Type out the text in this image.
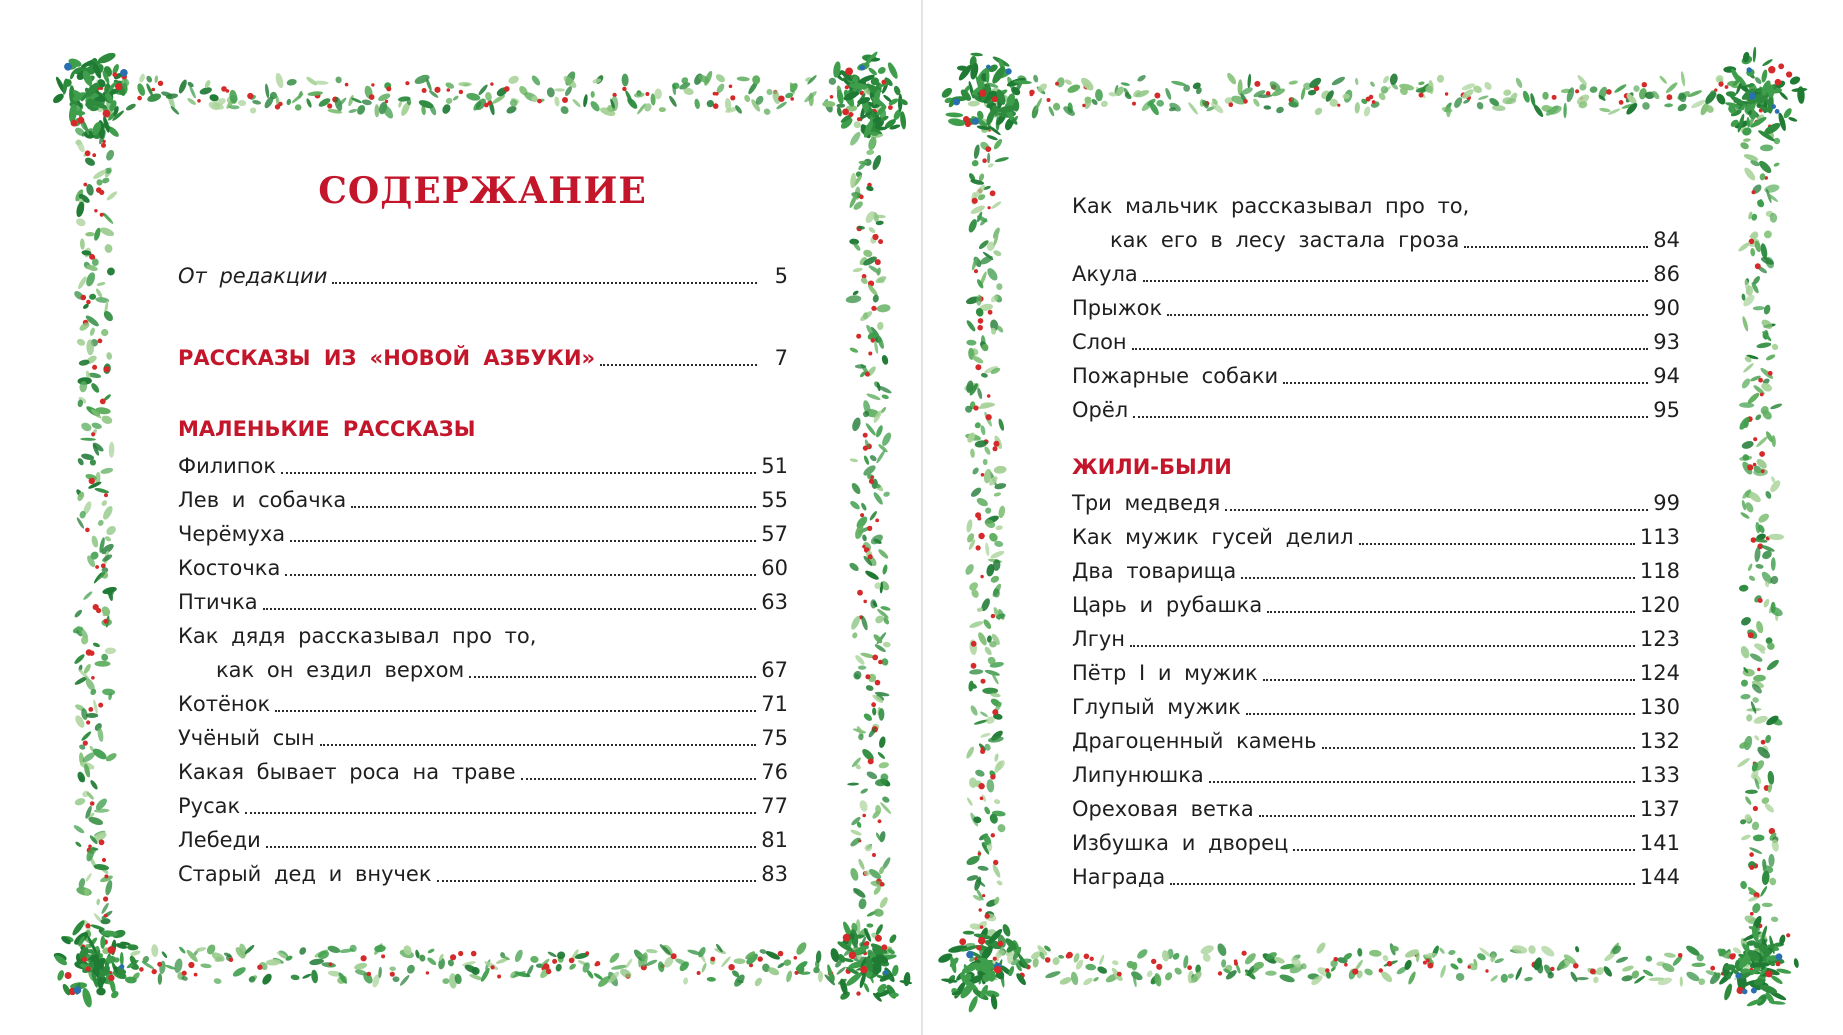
СОДЕРЖАНИЕ
От редакции	5
РАССКАЗЫ ИЗ «НОВОЙ АЗБУКИ»	7
МАЛЕНЬКИЕ РАССКАЗЫ
Филипок	51
Лев и собачка	55
Черёмуха	57
Косточка	60
Птичка	63
Как дядя рассказывал про то,
как он ездил верхом	67
Котёнок	71
Учёный сын	75
Какая бывает роса на траве	76
Русак	77
Лебеди	81
Старый дед и внучек	83
Как мальчик рассказывал про то,
как его в лесу застала гроза	84
Акула	86
Прыжок	90
Слон	93
Пожарные собаки	94
Орёл	95
ЖИЛИ-БЫЛИ
Три медведя	99
Как мужик гусей делил	113
Два товарища	118
Царь и рубашка	120
Лгун	123
Пётр I и мужик	124
Глупый мужик	130
Драгоценный камень	132
Липунюшка	133
Ореховая ветка	137
Избушка и дворец	141
Награда	144
